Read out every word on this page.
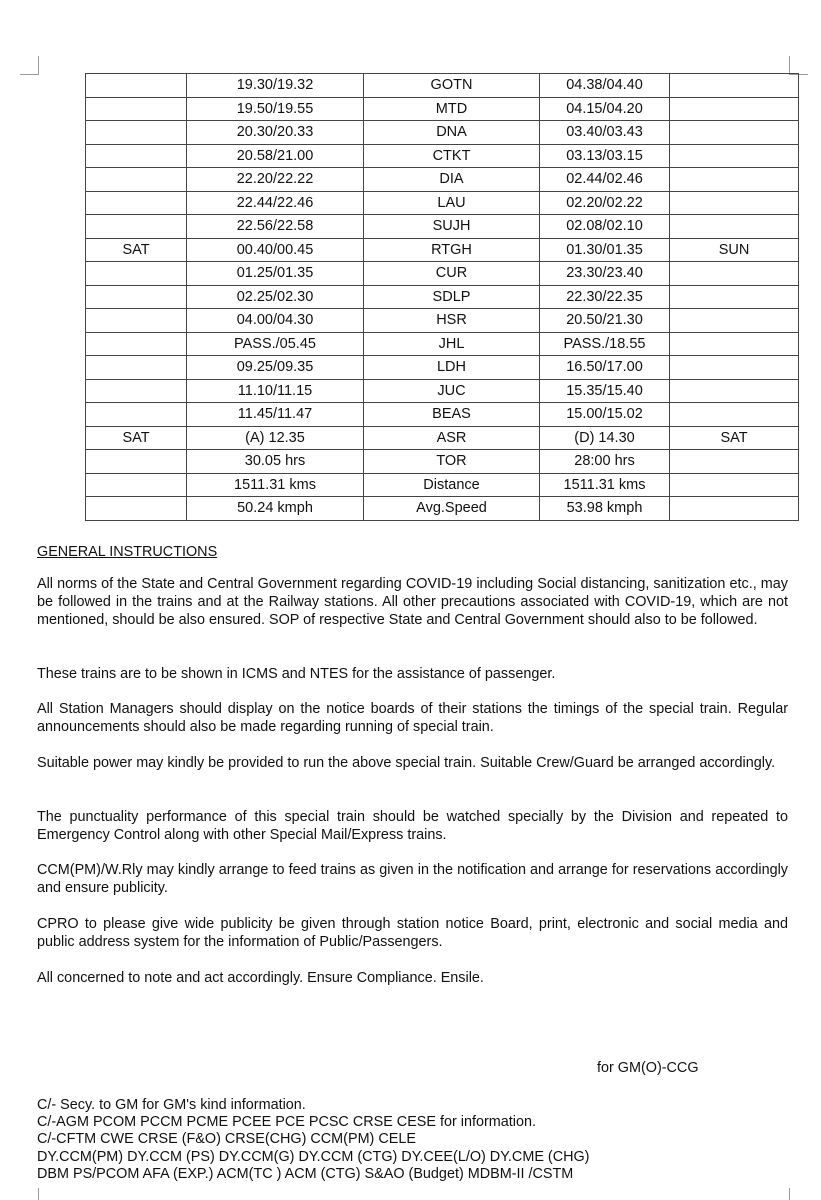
	19.30/19.32	GOTN	04.38/04.40	
	19.50/19.55	MTD	04.15/04.20	
	20.30/20.33	DNA	03.40/03.43	
	20.58/21.00	CTKT	03.13/03.15	
	22.20/22.22	DIA	02.44/02.46	
	22.44/22.46	LAU	02.20/02.22	
	22.56/22.58	SUJH	02.08/02.10	
SAT	00.40/00.45	RTGH	01.30/01.35	SUN
	01.25/01.35	CUR	23.30/23.40	
	02.25/02.30	SDLP	22.30/22.35	
	04.00/04.30	HSR	20.50/21.30	
	PASS./05.45	JHL	PASS./18.55	
	09.25/09.35	LDH	16.50/17.00	
	11.10/11.15	JUC	15.35/15.40	
	11.45/11.47	BEAS	15.00/15.02	
SAT	(A) 12.35	ASR	(D) 14.30	SAT
	30.05 hrs	TOR	28:00 hrs	
	1511.31 kms	Distance	1511.31 kms	
	50.24 kmph	Avg.Speed	53.98 kmph	
GENERAL INSTRUCTIONS

All norms of the State and Central Government regarding COVID-19 including Social distancing, sanitization etc., may be followed in the trains and at the Railway stations. All other precautions associated with COVID-19, which are not mentioned, should be also ensured. SOP of respective State and Central Government should also to be followed.

These trains are to be shown in ICMS and NTES for the assistance of passenger.

All Station Managers should display on the notice boards of their stations the timings of the special train. Regular announcements should also be made regarding running of special train.

Suitable power may kindly be provided to run the above special train. Suitable Crew/Guard be arranged accordingly.

The punctuality performance of this special train should be watched specially by the Division and repeated to Emergency Control along with other Special Mail/Express trains.

CCM(PM)/W.Rly may kindly arrange to feed trains as given in the notification and arrange for reservations accordingly and ensure publicity.

CPRO to please give wide publicity be given through station notice Board, print, electronic and social media and public address system for the information of Public/Passengers.

All concerned to note and act accordingly. Ensure Compliance. Ensile.

for GM(O)-CCG
C/- Secy. to GM for GM's kind information.
C/-AGM PCOM PCCM PCME PCEE PCE PCSC CRSE CESE for information.
C/-CFTM CWE CRSE (F&O) CRSE(CHG) CCM(PM) CELE
DY.CCM(PM) DY.CCM (PS) DY.CCM(G) DY.CCM (CTG) DY.CEE(L/O) DY.CME (CHG)
DBM PS/PCOM AFA (EXP.) ACM(TC ) ACM (CTG) S&AO (Budget) MDBM-II /CSTM
